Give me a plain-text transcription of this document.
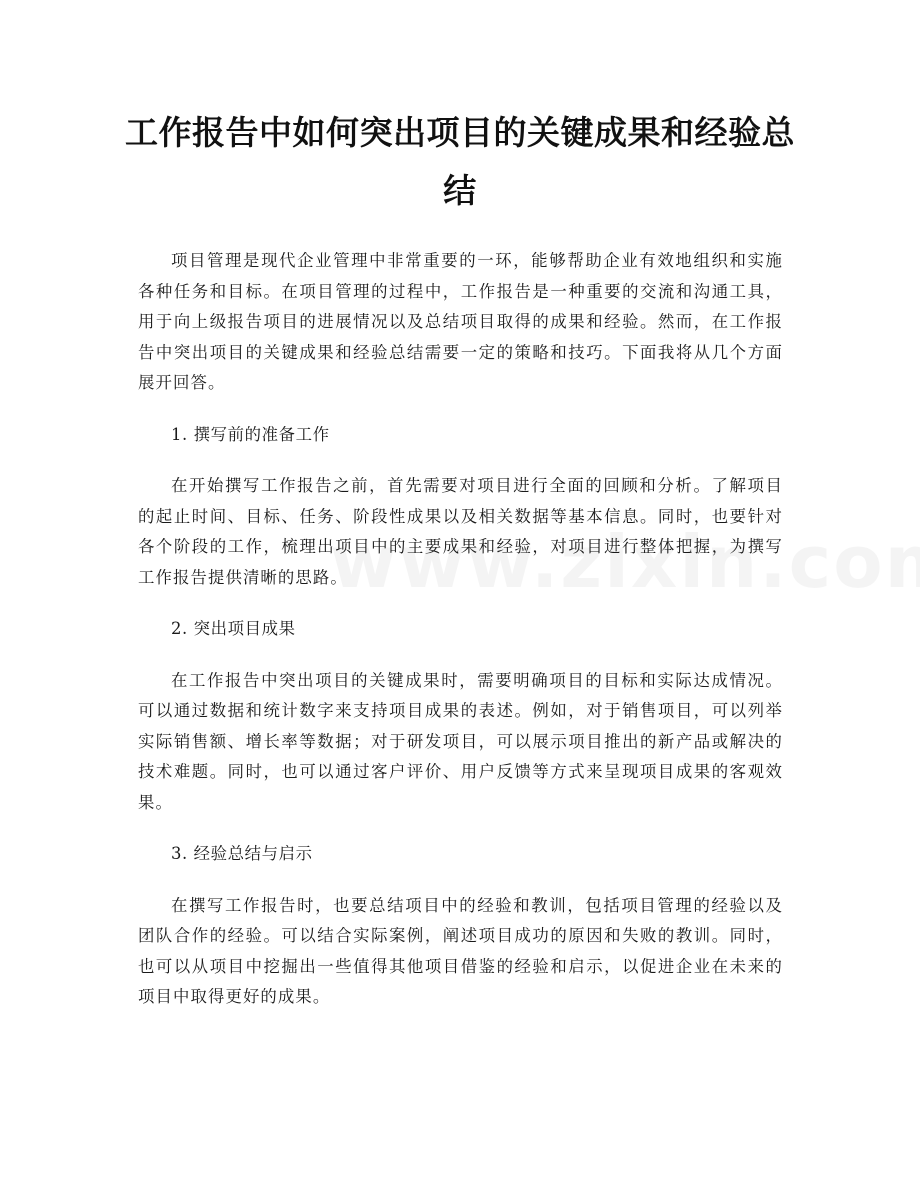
工作报告中如何突出项目的关键成果和经验总结

项目管理是现代企业管理中非常重要的一环，能够帮助企业有效地组织和实施各种任务和目标。在项目管理的过程中，工作报告是一种重要的交流和沟通工具，用于向上级报告项目的进展情况以及总结项目取得的成果和经验。然而，在工作报告中突出项目的关键成果和经验总结需要一定的策略和技巧。下面我将从几个方面展开回答。

1. 撰写前的准备工作

在开始撰写工作报告之前，首先需要对项目进行全面的回顾和分析。了解项目的起止时间、目标、任务、阶段性成果以及相关数据等基本信息。同时，也要针对各个阶段的工作，梳理出项目中的主要成果和经验，对项目进行整体把握，为撰写工作报告提供清晰的思路。

2. 突出项目成果

在工作报告中突出项目的关键成果时，需要明确项目的目标和实际达成情况。可以通过数据和统计数字来支持项目成果的表述。例如，对于销售项目，可以列举实际销售额、增长率等数据；对于研发项目，可以展示项目推出的新产品或解决的技术难题。同时，也可以通过客户评价、用户反馈等方式来呈现项目成果的客观效果。

3. 经验总结与启示

在撰写工作报告时，也要总结项目中的经验和教训，包括项目管理的经验以及团队合作的经验。可以结合实际案例，阐述项目成功的原因和失败的教训。同时，也可以从项目中挖掘出一些值得其他项目借鉴的经验和启示，以促进企业在未来的项目中取得更好的成果。
